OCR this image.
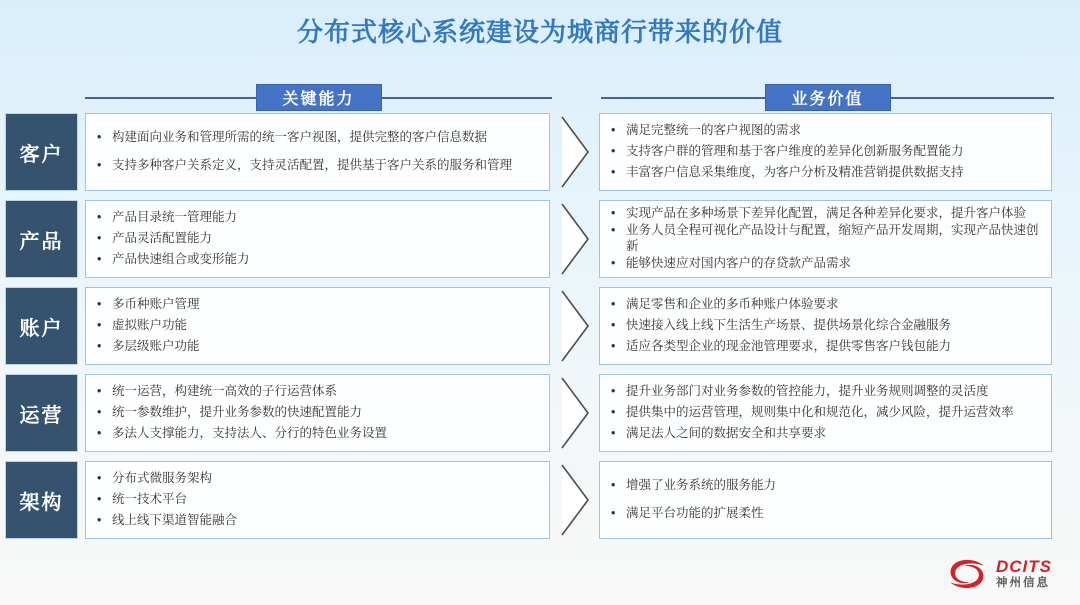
分布式核心系统建设为城商行带来的价值
关键能力	业务价值
客户
• 构建面向业务和管理所需的统一客户视图，提供完整的客户信息数据
• 支持多种客户关系定义，支持灵活配置，提供基于客户关系的服务和管理
• 满足完整统一的客户视图的需求
• 支持客户群的管理和基于客户维度的差异化创新服务配置能力
• 丰富客户信息采集维度，为客户分析及精准营销提供数据支持
产品
• 产品目录统一管理能力
• 产品灵活配置能力
• 产品快速组合或变形能力
• 实现产品在多种场景下差异化配置，满足各种差异化要求，提升客户体验
• 业务人员全程可视化产品设计与配置，缩短产品开发周期，实现产品快速创新
• 能够快速应对国内客户的存贷款产品需求
账户
• 多币种账户管理
• 虚拟账户功能
• 多层级账户功能
• 满足零售和企业的多币种账户体验要求
• 快速接入线上线下生活生产场景、提供场景化综合金融服务
• 适应各类型企业的现金池管理要求，提供零售客户钱包能力
运营
• 统一运营，构建统一高效的子行运营体系
• 统一参数维护，提升业务参数的快速配置能力
• 多法人支撑能力，支持法人、分行的特色业务设置
• 提升业务部门对业务参数的管控能力，提升业务规则调整的灵活度
• 提供集中的运营管理，规则集中化和规范化，减少风险，提升运营效率
• 满足法人之间的数据安全和共享要求
架构
• 分布式微服务架构
• 统一技术平台
• 线上线下渠道智能融合
• 增强了业务系统的服务能力
• 满足平台功能的扩展柔性
DCITS
神州信息
